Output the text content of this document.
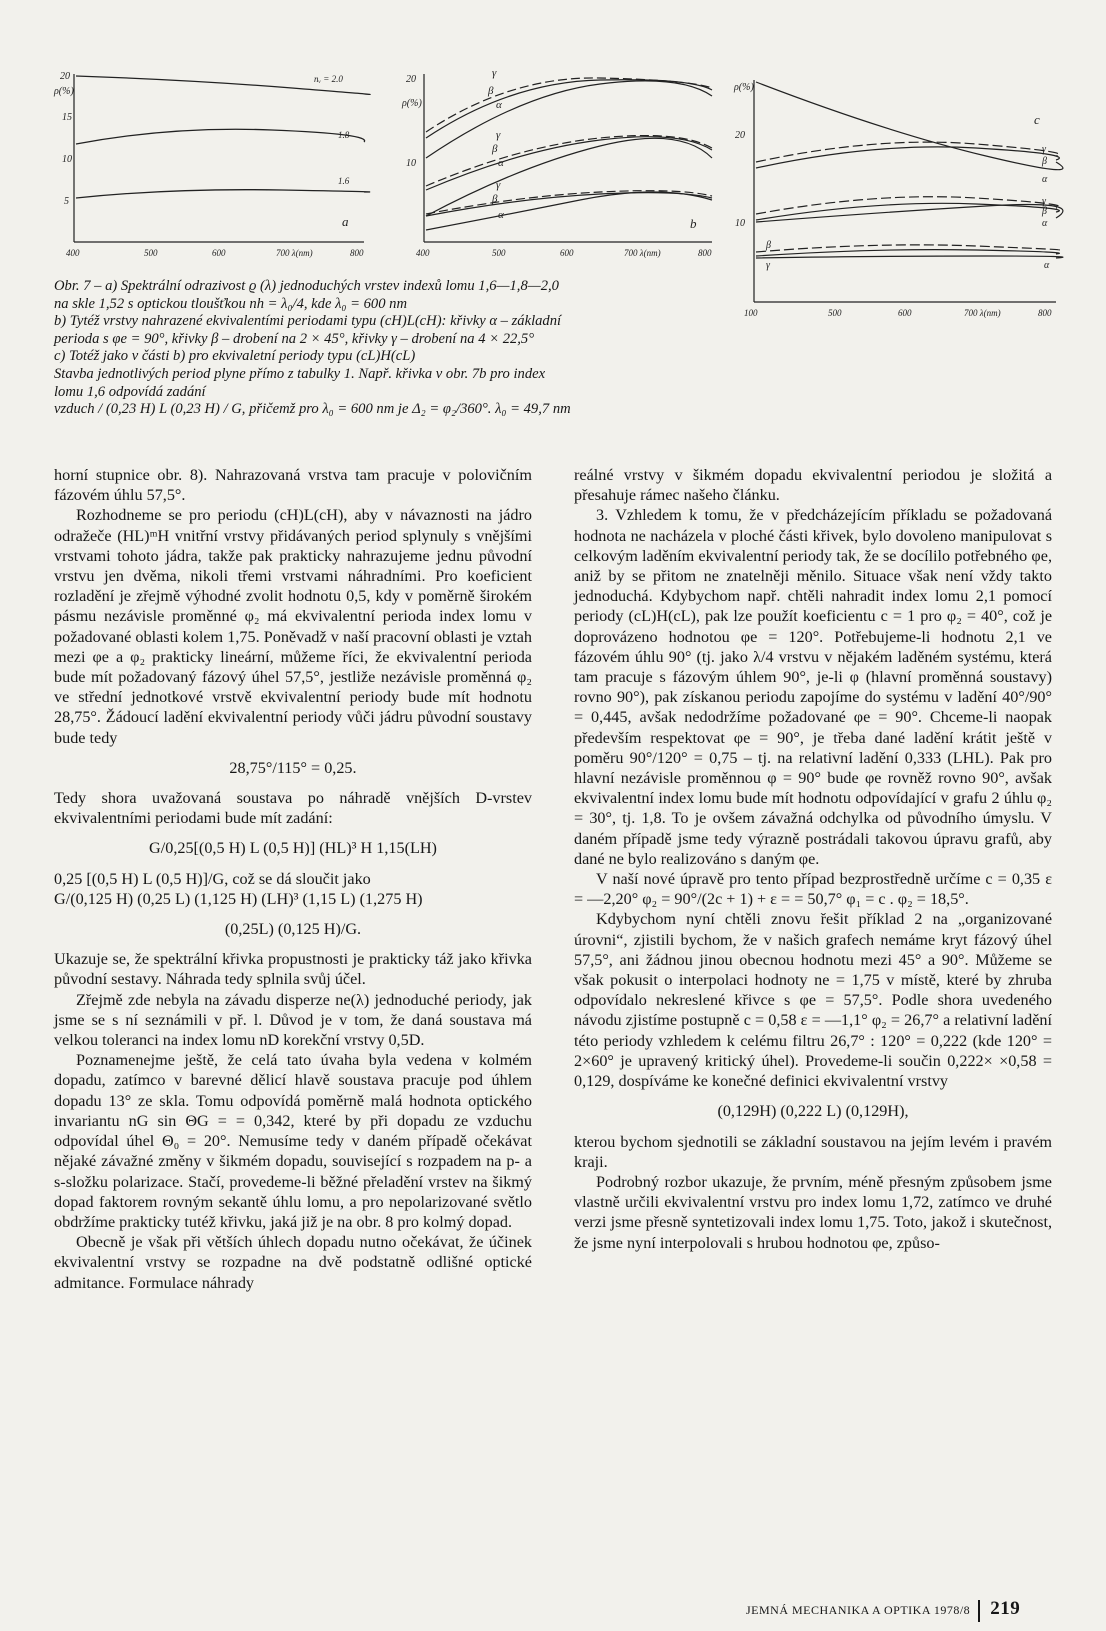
ρ(%)
20
15
10
5
nᵥ = 2.0
1.8
1.6
a
400	500	600	700 λ(nm)	800
ρ(%)
20
10
γ
β
α
γ
β
α
γ
β
α
b
400	500	600	700 λ(nm)	800
ρ(%)
20
10
γ
β
α
γ
β
α
β
γ	α
c
100	500	600	700 λ(nm)	800

Obr. 7 – a) Spektrální odrazivost ϱ (λ) jednoduchých vrstev indexů lomu 1,6—1,8—2,0

na skle 1,52 s optickou tloušťkou nh = λ₀/4, kde λ₀ = 600 nm

b) Tytéž vrstvy nahrazené ekvivalentími periodami typu (cH)L(cH): křivky α – základní

perioda s φe = 90°, křivky β – drobení na 2 × 45°, křivky γ – drobení na 4 × 22,5°

c) Totéž jako v části b) pro ekvivaletní periody typu (cL)H(cL)

Stavba jednotlivých period plyne přímo z tabulky 1. Např. křivka v obr. 7b pro index

lomu 1,6 odpovídá zadání

vzduch / (0,23 H) L (0,23 H) / G, přičemž pro λ₀ = 600 nm je Δ₂ = φ₂/360°. λ₀ = 49,7 nm

horní stupnice obr. 8). Nahrazovaná vrstva tam pracuje v polovičním fázovém úhlu 57,5°.

Rozhodneme se pro periodu (cH)L(cH), aby v návaznosti na jádro odražeče (HL)ᵐH vnitřní vrstvy přidávaných period splynuly s vnějšími vrstvami tohoto jádra, takže pak prakticky nahrazujeme jednu původní vrstvu jen dvěma, nikoli třemi vrstvami náhradními. Pro koeficient rozladění je zřejmě výhodné zvolit hodnotu 0,5, kdy v poměrně širokém pásmu nezávisle proměnné φ₂ má ekvivalentní perioda index lomu v požadované oblasti kolem 1,75. Poněvadž v naší pracovní oblasti je vztah mezi φe a φ₂ prakticky lineární, můžeme říci, že ekvivalentní perioda bude mít požadovaný fázový úhel 57,5°, jestliže nezávisle proměnná φ₂ ve střední jednotkové vrstvě ekvivalentní periody bude mít hodnotu 28,75°. Žádoucí ladění ekvivalentní periody vůči jádru původní soustavy bude tedy

28,75°/115° = 0,25.

Tedy shora uvažovaná soustava po náhradě vnějších D-vrstev ekvivalentními periodami bude mít zadání:

G/0,25[(0,5 H) L (0,5 H)] (HL)³ H 1,15(LH)

0,25 [(0,5 H) L (0,5 H)]/G, což se dá sloučit jako

G/(0,125 H) (0,25 L) (1,125 H) (LH)³ (1,15 L) (1,275 H)

(0,25L) (0,125 H)/G.

Ukazuje se, že spektrální křivka propustnosti je prakticky táž jako křivka původní sestavy. Náhrada tedy splnila svůj účel.

Zřejmě zde nebyla na závadu disperze ne(λ) jednoduché periody, jak jsme se s ní seznámili v př. l. Důvod je v tom, že daná soustava má velkou toleranci na index lomu nD korekční vrstvy 0,5D.

Poznamenejme ještě, že celá tato úvaha byla vedena v kolmém dopadu, zatímco v barevné dělicí hlavě soustava pracuje pod úhlem dopadu 13° ze skla. Tomu odpovídá poměrně malá hodnota optického invariantu nG sin ΘG = = 0,342, které by při dopadu ze vzduchu odpovídal úhel Θ₀ = 20°. Nemusíme tedy v daném případě očekávat nějaké závažné změny v šikmém dopadu, související s rozpadem na p- a s-složku polarizace. Stačí, provedeme-li běžné přeladění vrstev na šikmý dopad faktorem rovným sekantě úhlu lomu, a pro nepolarizované světlo obdržíme prakticky tutéž křivku, jaká již je na obr. 8 pro kolmý dopad.

Obecně je však při větších úhlech dopadu nutno očekávat, že účinek ekvivalentní vrstvy se rozpadne na dvě podstatně odlišné optické admitance. Formulace náhrady

reálné vrstvy v šikmém dopadu ekvivalentní periodou je složitá a přesahuje rámec našeho článku.

3. Vzhledem k tomu, že v předcházejícím příkladu se požadovaná hodnota ne nacházela v ploché části křivek, bylo dovoleno manipulovat s celkovým laděním ekvivalentní periody tak, že se docílilo potřebného φe, aniž by se přitom ne znatelněji měnilo. Situace však není vždy takto jednoduchá. Kdybychom např. chtěli nahradit index lomu 2,1 pomocí periody (cL)H(cL), pak lze použít koeficientu c = 1 pro φ₂ = 40°, což je doprovázeno hodnotou φe = 120°. Potřebujeme-li hodnotu 2,1 ve fázovém úhlu 90° (tj. jako λ/4 vrstvu v nějakém laděném systému, která tam pracuje s fázovým úhlem 90°, je-li φ (hlavní proměnná soustavy) rovno 90°), pak získanou periodu zapojíme do systému v ladění 40°/90° = 0,445, avšak nedodržíme požadované φe = 90°. Chceme-li naopak především respektovat φe = 90°, je třeba dané ladění krátit ještě v poměru 90°/120° = 0,75 – tj. na relativní ladění 0,333 (LHL). Pak pro hlavní nezávisle proměnnou φ = 90° bude φe rovněž rovno 90°, avšak ekvivalentní index lomu bude mít hodnotu odpovídající v grafu 2 úhlu φ₂ = 30°, tj. 1,8. To je ovšem závažná odchylka od původního úmyslu. V daném případě jsme tedy výrazně postrádali takovou úpravu grafů, aby dané ne bylo realizováno s daným φe.

V naší nové úpravě pro tento případ bezprostředně určíme c = 0,35 ε = —2,20° φ₂ = 90°/(2c + 1) + ε = = 50,7° φ₁ = c . φ₂ = 18,5°.

Kdybychom nyní chtěli znovu řešit příklad 2 na „organizované úrovni“, zjistili bychom, že v našich grafech nemáme kryt fázový úhel 57,5°, ani žádnou jinou obecnou hodnotu mezi 45° a 90°. Můžeme se však pokusit o interpolaci hodnoty ne = 1,75 v místě, které by zhruba odpovídalo nekreslené křivce s φe = 57,5°. Podle shora uvedeného návodu zjistíme postupně c = 0,58 ε = —1,1° φ₂ = 26,7° a relativní ladění této periody vzhledem k celému filtru 26,7° : 120° = 0,222 (kde 120° = 2×60° je upravený kritický úhel). Provedeme-li součin 0,222× ×0,58 = 0,129, dospíváme ke konečné definici ekvivalentní vrstvy

(0,129H) (0,222 L) (0,129H),

kterou bychom sjednotili se základní soustavou na jejím levém i pravém kraji.

Podrobný rozbor ukazuje, že prvním, méně přesným způsobem jsme vlastně určili ekvivalentní vrstvu pro index lomu 1,72, zatímco ve druhé verzi jsme přesně syntetizovali index lomu 1,75. Toto, jakož i skutečnost, že jsme nyní interpolovali s hrubou hodnotou φe, způso-

JEMNÁ MECHANIKA A OPTIKA 1978/8 219
